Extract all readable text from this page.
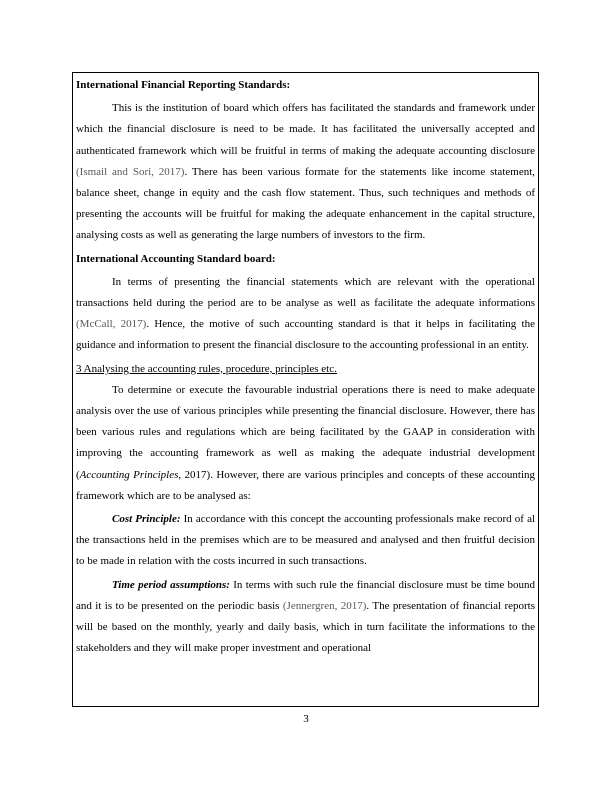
International Financial Reporting Standards:

This is the institution of board which offers has facilitated the standards and framework under which the financial disclosure is need to be made. It has facilitated the universally accepted and authenticated framework which will be fruitful in terms of making the adequate accounting disclosure (Ismail and Sori, 2017). There has been various formate for the statements like income statement, balance sheet, change in equity and the cash flow statement. Thus, such techniques and methods of presenting the accounts will be fruitful for making the adequate enhancement in the capital structure, analysing costs as well as generating the large numbers of investors to the firm.

International Accounting Standard board:

In terms of presenting the financial statements which are relevant with the operational transactions held during the period are to be analyse as well as facilitate the adequate informations (McCall, 2017). Hence, the motive of such accounting standard is that it helps in facilitating the guidance and information to present the financial disclosure to the accounting professional in an entity.

3 Analysing the accounting rules, procedure, principles etc.

To determine or execute the favourable industrial operations there is need to make adequate analysis over the use of various principles while presenting the financial disclosure. However, there has been various rules and regulations which are being facilitated by the GAAP in consideration with improving the accounting framework as well as making the adequate industrial development (Accounting Principles, 2017). However, there are various principles and concepts of these accounting framework which are to be analysed as:

Cost Principle: In accordance with this concept the accounting professionals make record of al the transactions held in the premises which are to be measured and analysed and then fruitful decision to be made in relation with the costs incurred in such transactions.

Time period assumptions: In terms with such rule the financial disclosure must be time bound and it is to be presented on the periodic basis (Jennergren, 2017). The presentation of financial reports will be based on the monthly, yearly and daily basis, which in turn facilitate the informations to the stakeholders and they will make proper investment and operational

3
